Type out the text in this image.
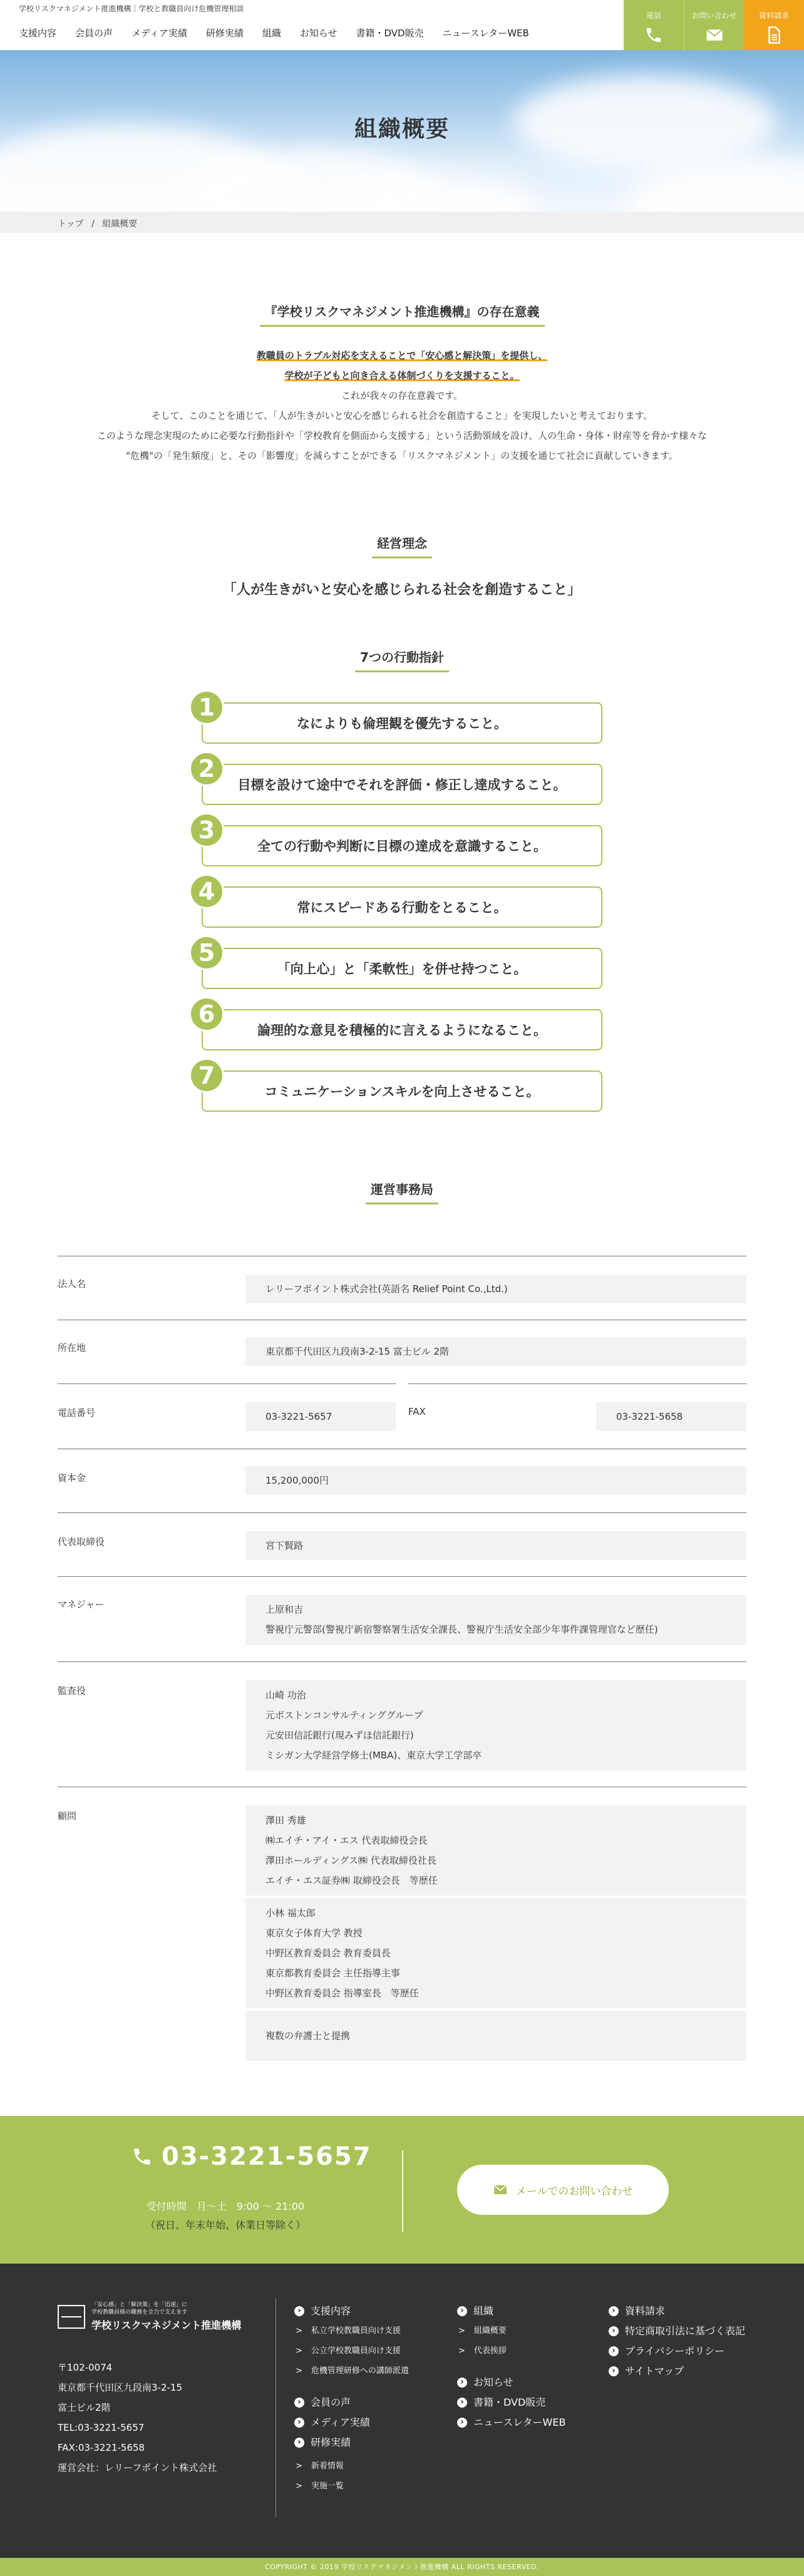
学校リスクマネジメント推進機構｜学校と教職員向け危機管理相談
支援内容 会員の声 メディア実績 研修実績 組織 お知らせ 書籍・DVD販売 ニュースレターWEB
電話	お問い合わせ	資料請求
組織概要
トップ / 組織概要
『学校リスクマネジメント推進機構』の存在意義
教職員のトラブル対応を支えることで「安心感と解決策」を提供し、
学校が子どもと向き合える体制づくりを支援すること。
これが我々の存在意義です。
そして、このことを通じて、「人が生きがいと安心を感じられる社会を創造すること」を実現したいと考えております。
このような理念実現のために必要な行動指針や「学校教育を側面から支援する」という活動領域を設け、人の生命・身体・財産等を脅かす様々な
"危機"の「発生頻度」と、その「影響度」を減らすことができる「リスクマネジメント」の支援を通じて社会に貢献していきます。
経営理念
「人が生きがいと安心を感じられる社会を創造すること」
7つの行動指針
1
なによりも倫理観を優先すること。
2
目標を設けて途中でそれを評価・修正し達成すること。
3
全ての行動や判断に目標の達成を意識すること。
4
常にスピードある行動をとること。
5
「向上心」と「柔軟性」を併せ持つこと。
6
論理的な意見を積極的に言えるようになること。
7
コミュニケーションスキルを向上させること。
運営事務局
法人名	レリーフポイント株式会社(英語名 Relief Point Co.,Ltd.)
所在地	東京都千代田区九段南3-2-15 富士ビル 2階
電話番号	03-3221-5657	FAX	03-3221-5658
資本金	15,200,000円
代表取締役	宮下賢路
マネジャー	上原和吉
警視庁元警部(警視庁新宿警察署生活安全課長、警視庁生活安全部少年事件課管理官など歴任)
監査役	山崎 功治
元ボストンコンサルティンググループ
元安田信託銀行(現みずほ信託銀行)
ミシガン大学経営学修士(MBA)、東京大学工学部卒
顧問	澤田 秀雄
㈱エイチ・アイ・エス 代表取締役会長
澤田ホールディングス㈱ 代表取締役社長
エイチ・エス証券㈱ 取締役会長　等歴任
小林 福太郎
東京女子体育大学 教授
中野区教育委員会 教育委員長
東京都教育委員会 主任指導主事
中野区教育委員会 指導室長　等歴任
複数の弁護士と提携
03-3221-5657
受付時間　月〜土　9:00 〜 21:00
（祝日、年末年始、休業日等除く）
メールでのお問い合わせ
「安心感」と「解決策」を「迅速」に
学校教職員様の職務を全力で支えます
学校リスクマネジメント推進機構
〒102-0074
東京都千代田区九段南3-2-15
富士ビル2階
TEL:03-3221-5657
FAX:03-3221-5658
運営会社：レリーフポイント株式会社
› 支援内容
> 私立学校教職員向け支援
> 公立学校教職員向け支援
> 危機管理研修への講師派遣
› 会員の声
› メディア実績
› 研修実績
> 新着情報
> 実施一覧
› 組織
> 組織概要
> 代表挨拶
› お知らせ
› 書籍・DVD販売
› ニュースレターWEB
› 資料請求
› 特定商取引法に基づく表記
› プライバシーポリシー
› サイトマップ
COPYRIGHT © 2019 学校リスクマネジメント推進機構 ALL RIGHTS RESERVED.
